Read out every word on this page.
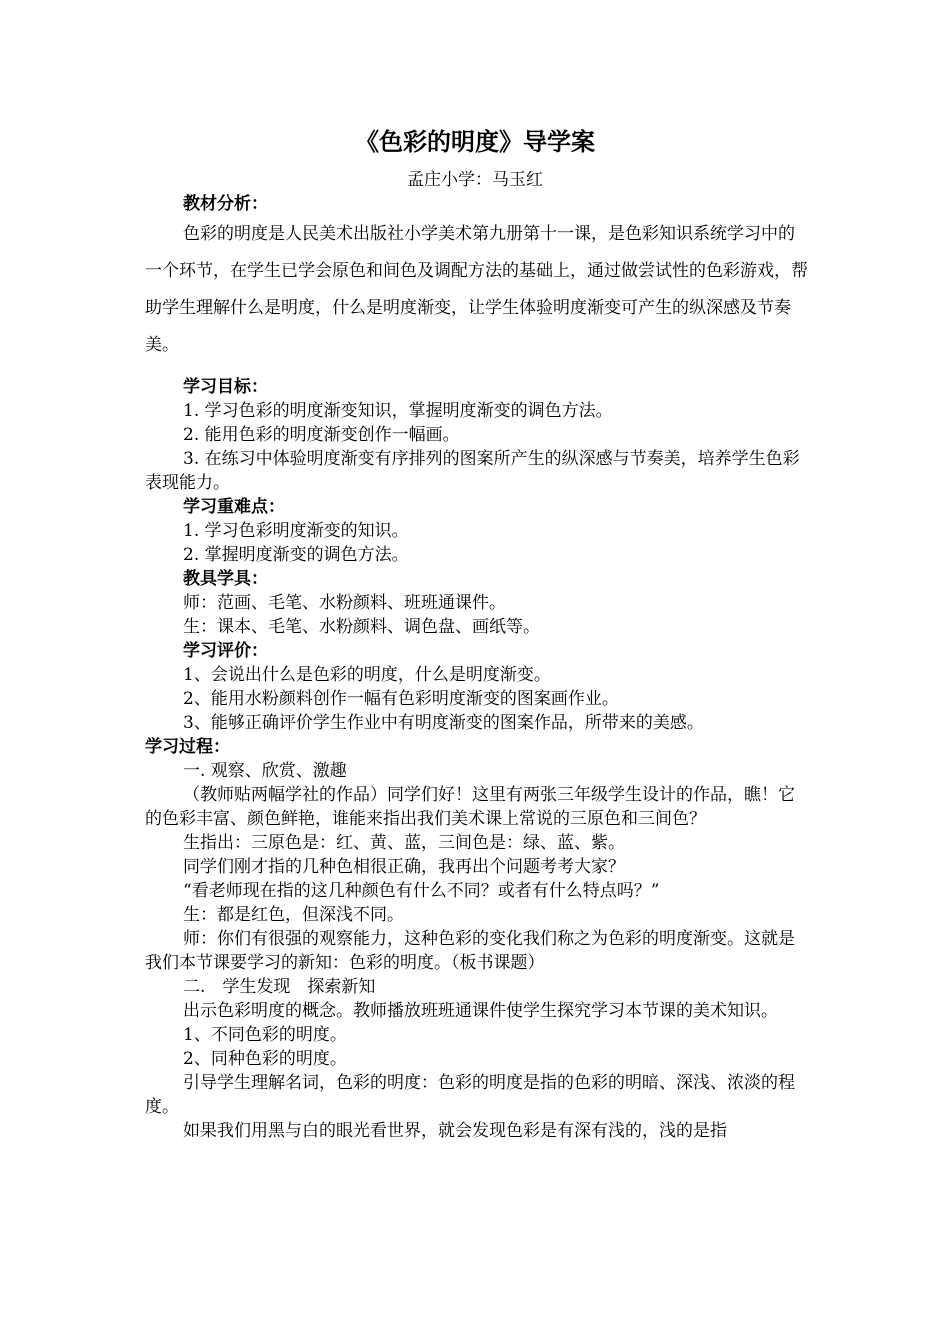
《色彩的明度》导学案
孟庄小学：马玉红

教材分析：

色彩的明度是人民美术出版社小学美术第九册第十一课，是色彩知识系统学习中的一个环节，在学生已学会原色和间色及调配方法的基础上，通过做尝试性的色彩游戏，帮助学生理解什么是明度，什么是明度渐变，让学生体验明度渐变可产生的纵深感及节奏美。

学习目标：

1. 学习色彩的明度渐变知识，掌握明度渐变的调色方法。

2. 能用色彩的明度渐变创作一幅画。

3. 在练习中体验明度渐变有序排列的图案所产生的纵深感与节奏美，培养学生色彩表现能力。

学习重难点：

1. 学习色彩明度渐变的知识。

2. 掌握明度渐变的调色方法。

教具学具：

师：范画、毛笔、水粉颜料、班班通课件。

生：课本、毛笔、水粉颜料、调色盘、画纸等。

学习评价：

1、会说出什么是色彩的明度，什么是明度渐变。

2、能用水粉颜料创作一幅有色彩明度渐变的图案画作业。

3、能够正确评价学生作业中有明度渐变的图案作品，所带来的美感。

学习过程：

一. 观察、欣赏、激趣

（教师贴两幅学社的作品）同学们好！这里有两张三年级学生设计的作品，瞧！它的色彩丰富、颜色鲜艳，谁能来指出我们美术课上常说的三原色和三间色？

生指出：三原色是：红、黄、蓝，三间色是：绿、蓝、紫。

同学们刚才指的几种色相很正确，我再出个问题考考大家？

“看老师现在指的这几种颜色有什么不同？或者有什么特点吗？”

生：都是红色，但深浅不同。

师：你们有很强的观察能力，这种色彩的变化我们称之为色彩的明度渐变。这就是我们本节课要学习的新知：色彩的明度。（板书课题）

二.　学生发现　探索新知

出示色彩明度的概念。教师播放班班通课件使学生探究学习本节课的美术知识。

1、不同色彩的明度。

2、同种色彩的明度。

引导学生理解名词，色彩的明度：色彩的明度是指的色彩的明暗、深浅、浓淡的程度。

如果我们用黑与白的眼光看世界，就会发现色彩是有深有浅的，浅的是指
